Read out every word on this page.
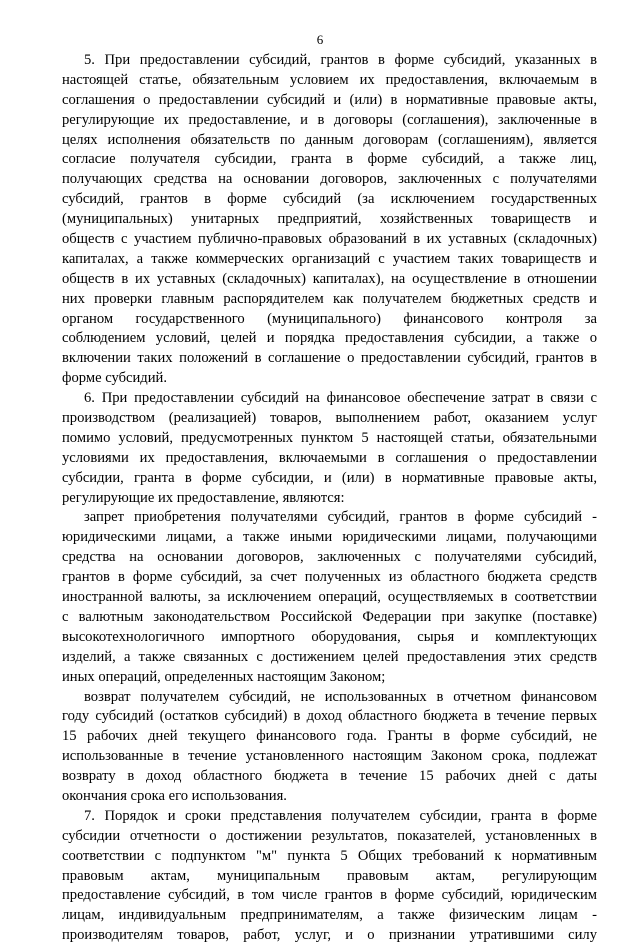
6
5. При предоставлении субсидий, грантов в форме субсидий, указанных в
настоящей статье, обязательным условием их предоставления, включаемым в
соглашения о предоставлении субсидий и (или) в нормативные правовые акты,
регулирующие их предоставление, и в договоры (соглашения), заключенные в
целях исполнения обязательств по данным договорам (соглашениям), является
согласие получателя субсидии, гранта в форме субсидий, а также лиц,
получающих средства на основании договоров, заключенных с получателями
субсидий, грантов в форме субсидий (за исключением государственных
(муниципальных) унитарных предприятий, хозяйственных товариществ и
обществ с участием публично-правовых образований в их уставных (складочных)
капиталах, а также коммерческих организаций с участием таких товариществ и
обществ в их уставных (складочных) капиталах), на осуществление в отношении
них проверки главным распорядителем как получателем бюджетных средств и
органом государственного (муниципального) финансового контроля за
соблюдением условий, целей и порядка предоставления субсидии, а также о
включении таких положений в соглашение о предоставлении субсидий, грантов в
форме субсидий.
6. При предоставлении субсидий на финансовое обеспечение затрат в связи с
производством (реализацией) товаров, выполнением работ, оказанием услуг
помимо условий, предусмотренных пунктом 5 настоящей статьи, обязательными
условиями их предоставления, включаемыми в соглашения о предоставлении
субсидии, гранта в форме субсидии, и (или) в нормативные правовые акты,
регулирующие их предоставление, являются:
запрет приобретения получателями субсидий, грантов в форме субсидий -
юридическими лицами, а также иными юридическими лицами, получающими
средства на основании договоров, заключенных с получателями субсидий,
грантов в форме субсидий, за счет полученных из областного бюджета средств
иностранной валюты, за исключением операций, осуществляемых в соответствии
с валютным законодательством Российской Федерации при закупке (поставке)
высокотехнологичного импортного оборудования, сырья и комплектующих
изделий, а также связанных с достижением целей предоставления этих средств
иных операций, определенных настоящим Законом;
возврат получателем субсидий, не использованных в отчетном финансовом
году субсидий (остатков субсидий) в доход областного бюджета в течение первых
15 рабочих дней текущего финансового года. Гранты в форме субсидий, не
использованные в течение установленного настоящим Законом срока, подлежат
возврату в доход областного бюджета в течение 15 рабочих дней с даты
окончания срока его использования.
7. Порядок и сроки представления получателем субсидии, гранта в форме
субсидии отчетности о достижении результатов, показателей, установленных в
соответствии с подпунктом "м" пункта 5 Общих требований к нормативным
правовым актам, муниципальным правовым актам, регулирующим
предоставление субсидий, в том числе грантов в форме субсидий, юридическим
лицам, индивидуальным предпринимателям, а также физическим лицам -
производителям товаров, работ, услуг, и о признании утратившими силу
